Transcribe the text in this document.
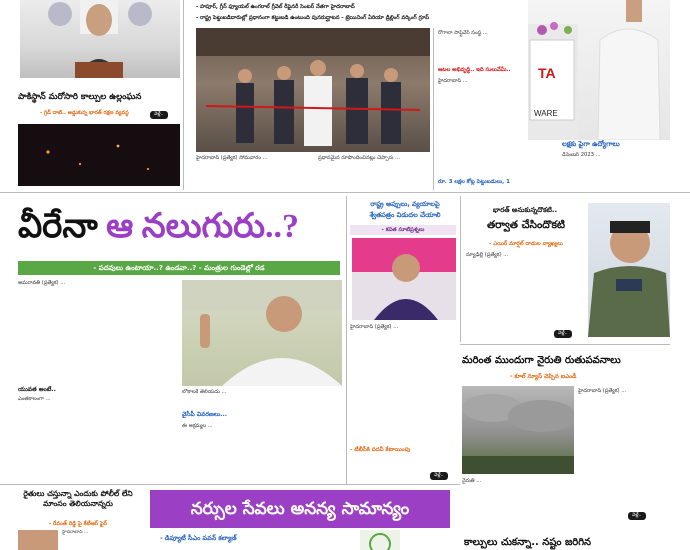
పాకిస్థాన్ మరోసారి కాల్పుల ఉల్లంఘన
- గ్రిడ్‌ దాటి.. అడ్డుకున్న భారత్‌ రక్షణ వ్యవస్థ	వెళ్లే..
- హపూర్‌, గ్రీన్ ఫ్యూయల్‌ ఉంగరాల్‌ గ్రీవెల్‌ రీఫైనరీ సెంటర్‌ నేతగా హైదరాబాద్‌
- రాష్ట్ర పెట్టుబడిదారుల్లో ప్రధానంగా కట్టుబడి ఉంటుంది పునరుద్ఘాటన - ట్రెయినింగ్‌ ఏరియా డ్రిల్లింగ్ వర్కింగ్‌ గ్రూప్‌
హైదరాబాద్‌ (ప్రత్యేక) సోమవారం ...	ప్రధానమైన రూపొందించినట్లు చెప్పారు ...
రోగాలా సాఫ్ట్‌వేర్‌ సంస్థ ...
ఆటల అభివృద్ధి.. ఇది సులువేమీ..
హైదరాబాద్‌ ...
రూ. 3 లక్షల కోట్ల పెట్టుబడులు, 1
TA
WARE
లక్షకు పైగా ఉద్యోగాలు
డిసెంబర్‌ 2023 ...
వీరేనా ఆ నలుగురు..?
- పదవులు ఉంటాయా..? ఉండవా..? - మంత్రుల గుండెల్లో రడ
అమరావతి (ప్రత్యేక) ...
యువత అంటే..
ఎంతకాలంగా ...
లోకాలకే తెలియదు ...
వైసీపీ వివరణలు...
ఈ అక్రమ్మల ...
రాష్ట్ర అప్పులు, వ్యయాలపై
శ్వేతపత్రం విడుదల చేయాలి
- కవిత సూటిప్రశ్నలు
హైదరాబాద్‌ (ప్రత్యేక) ...
- టీబీసీకి పదవీ కేటాయింపు
వెళ్లే..
భారత్ అనుకున్నదొకటి..
తర్వాత చేసిందొకటి
- ఎయిర్‌ మార్షల్‌ దాడుల వ్యాఖ్యలు
న్యూఢిల్లీ (ప్రత్యేక) ...
వెళ్లే..
మరింత ముందుగా నైరుతి రుతుపవనాలు
- కూల్‌ న్యూస్‌ చెప్పిన ఐఎండీ
హైదరాబాద్‌ (ప్రత్యేక) ...
నైరుతి ...
వెళ్లే..
రైతులు చస్తున్నా ఎందుకు పోలీల్ లేని మాంసం తెలియనాన్నరు
- రేవంత్‌ రెడ్డి పై కేటీఆర్‌ ఫైర్
హైదరాబాద్‌ ...
నర్సుల సేవలు అనన్య సామాన్యం
- డిప్యూటీ సీఎం పవన్‌ కల్యాణ్‌	కాల్పులు చుకన్నా.. నష్టం జరిగిన
